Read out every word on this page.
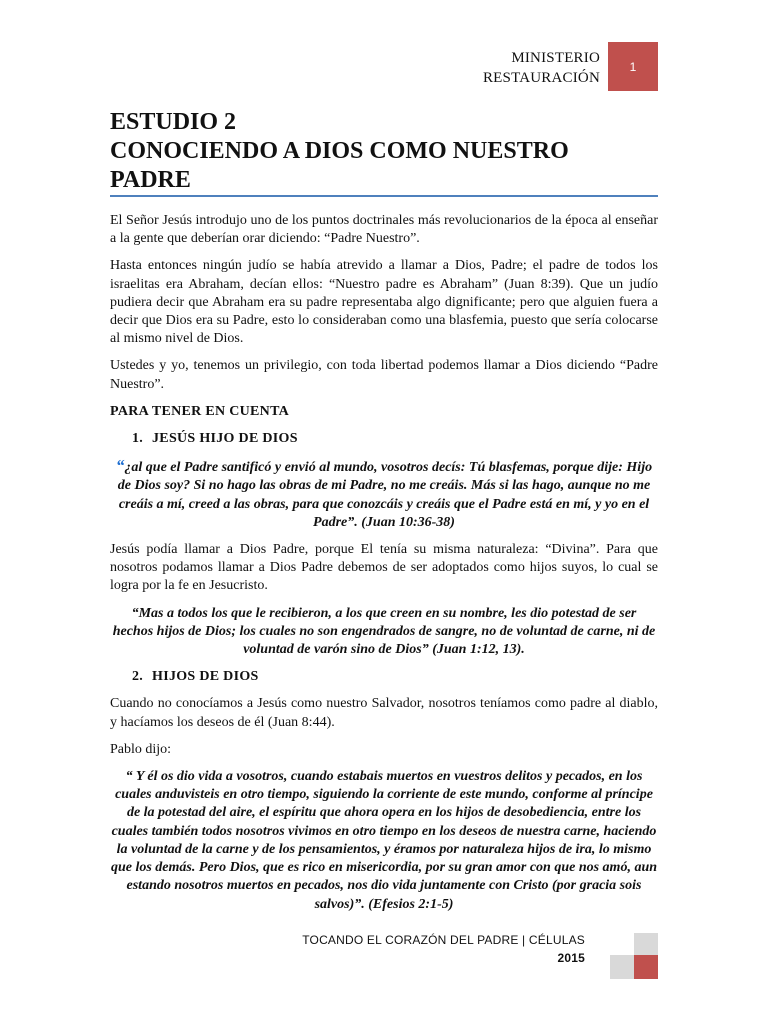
MINISTERIO
RESTAURACIÓN
1
ESTUDIO 2
CONOCIENDO A DIOS COMO NUESTRO
PADRE

El Señor Jesús introdujo uno de los puntos doctrinales más revolucionarios de la época al enseñar a la gente que deberían orar diciendo: “Padre Nuestro”.

Hasta entonces ningún judío se había atrevido a llamar a Dios, Padre; el padre de todos los israelitas era Abraham, decían ellos: “Nuestro padre es Abraham” (Juan 8:39). Que un judío pudiera decir que Abraham era su padre representaba algo dignificante; pero que alguien fuera a decir que Dios era su Padre, esto lo consideraban como una blasfemia, puesto que sería colocarse al mismo nivel de Dios.

Ustedes y yo, tenemos un privilegio, con toda libertad podemos llamar a Dios diciendo “Padre Nuestro”.

PARA TENER EN CUENTA

1. JESÚS HIJO DE DIOS

“¿al que el Padre santificó y envió al mundo, vosotros decís: Tú blasfemas, porque dije: Hijo de Dios soy? Si no hago las obras de mi Padre, no me creáis. Más si las hago, aunque no me creáis a mí, creed a las obras, para que conozcáis y creáis que el Padre está en mí, y yo en el Padre”. (Juan 10:36-38)

Jesús podía llamar a Dios Padre, porque El tenía su misma naturaleza: “Divina”. Para que nosotros podamos llamar a Dios Padre debemos de ser adoptados como hijos suyos, lo cual se logra por la fe en Jesucristo.

“Mas a todos los que le recibieron, a los que creen en su nombre, les dio potestad de ser hechos hijos de Dios; los cuales no son engendrados de sangre, no de voluntad de carne, ni de voluntad de varón sino de Dios” (Juan 1:12, 13).

2. HIJOS DE DIOS

Cuando no conocíamos a Jesús como nuestro Salvador, nosotros teníamos como padre al diablo, y hacíamos los deseos de él (Juan 8:44).

Pablo dijo:

“ Y él os dio vida a vosotros, cuando estabais muertos en vuestros delitos y pecados, en los cuales anduvisteis en otro tiempo, siguiendo la corriente de este mundo, conforme al príncipe de la potestad del aire, el espíritu que ahora opera en los hijos de desobediencia, entre los cuales también todos nosotros vivimos en otro tiempo en los deseos de nuestra carne, haciendo la voluntad de la carne y de los pensamientos, y éramos por naturaleza hijos de ira, lo mismo que los demás. Pero Dios, que es rico en misericordia, por su gran amor con que nos amó, aun estando nosotros muertos en pecados, nos dio vida juntamente con Cristo (por gracia sois salvos)”. (Efesios 2:1-5)

TOCANDO EL CORAZÓN DEL PADRE | CÉLULAS
2015
